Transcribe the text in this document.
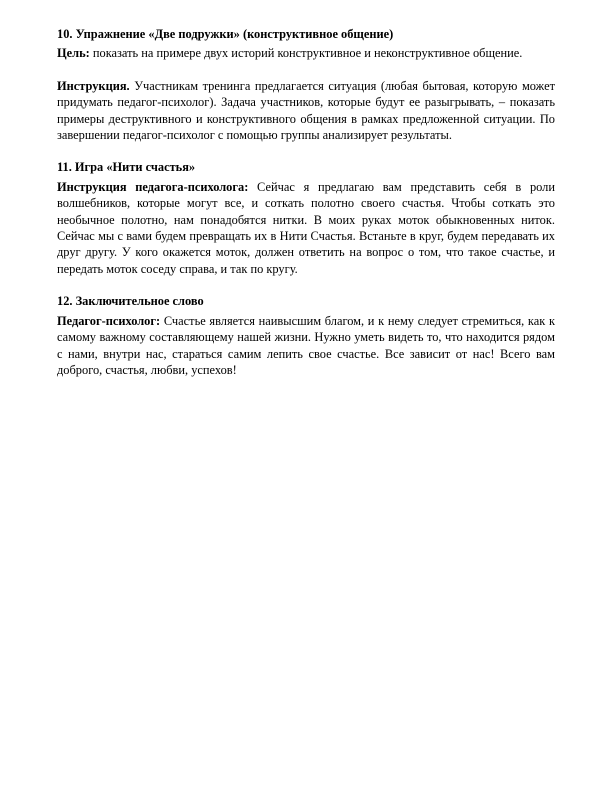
10. Упражнение «Две подружки» (конструктивное общение)

Цель: показать на примере двух историй конструктивное и неконструктивное общение.

Инструкция. Участникам тренинга предлагается ситуация (любая бытовая, которую может придумать педагог-психолог). Задача участников, которые будут ее разыгрывать, – показать примеры деструктивного и конструктивного общения в рамках предложенной ситуации. По завершении педагог-психолог с помощью группы анализирует результаты.

11. Игра «Нити счастья»

Инструкция педагога-психолога: Сейчас я предлагаю вам представить себя в роли волшебников, которые могут все, и соткать полотно своего счастья. Чтобы соткать это необычное полотно, нам понадобятся нитки. В моих руках моток обыкновенных ниток. Сейчас мы с вами будем превращать их в Нити Счастья. Встаньте в круг, будем передавать их друг другу. У кого окажется моток, должен ответить на вопрос о том, что такое счастье, и передать моток соседу справа, и так по кругу.

12. Заключительное слово

Педагог-психолог: Счастье является наивысшим благом, и к нему следует стремиться, как к самому важному составляющему нашей жизни. Нужно уметь видеть то, что находится рядом с нами, внутри нас, стараться самим лепить свое счастье. Все зависит от нас! Всего вам доброго, счастья, любви, успехов!
